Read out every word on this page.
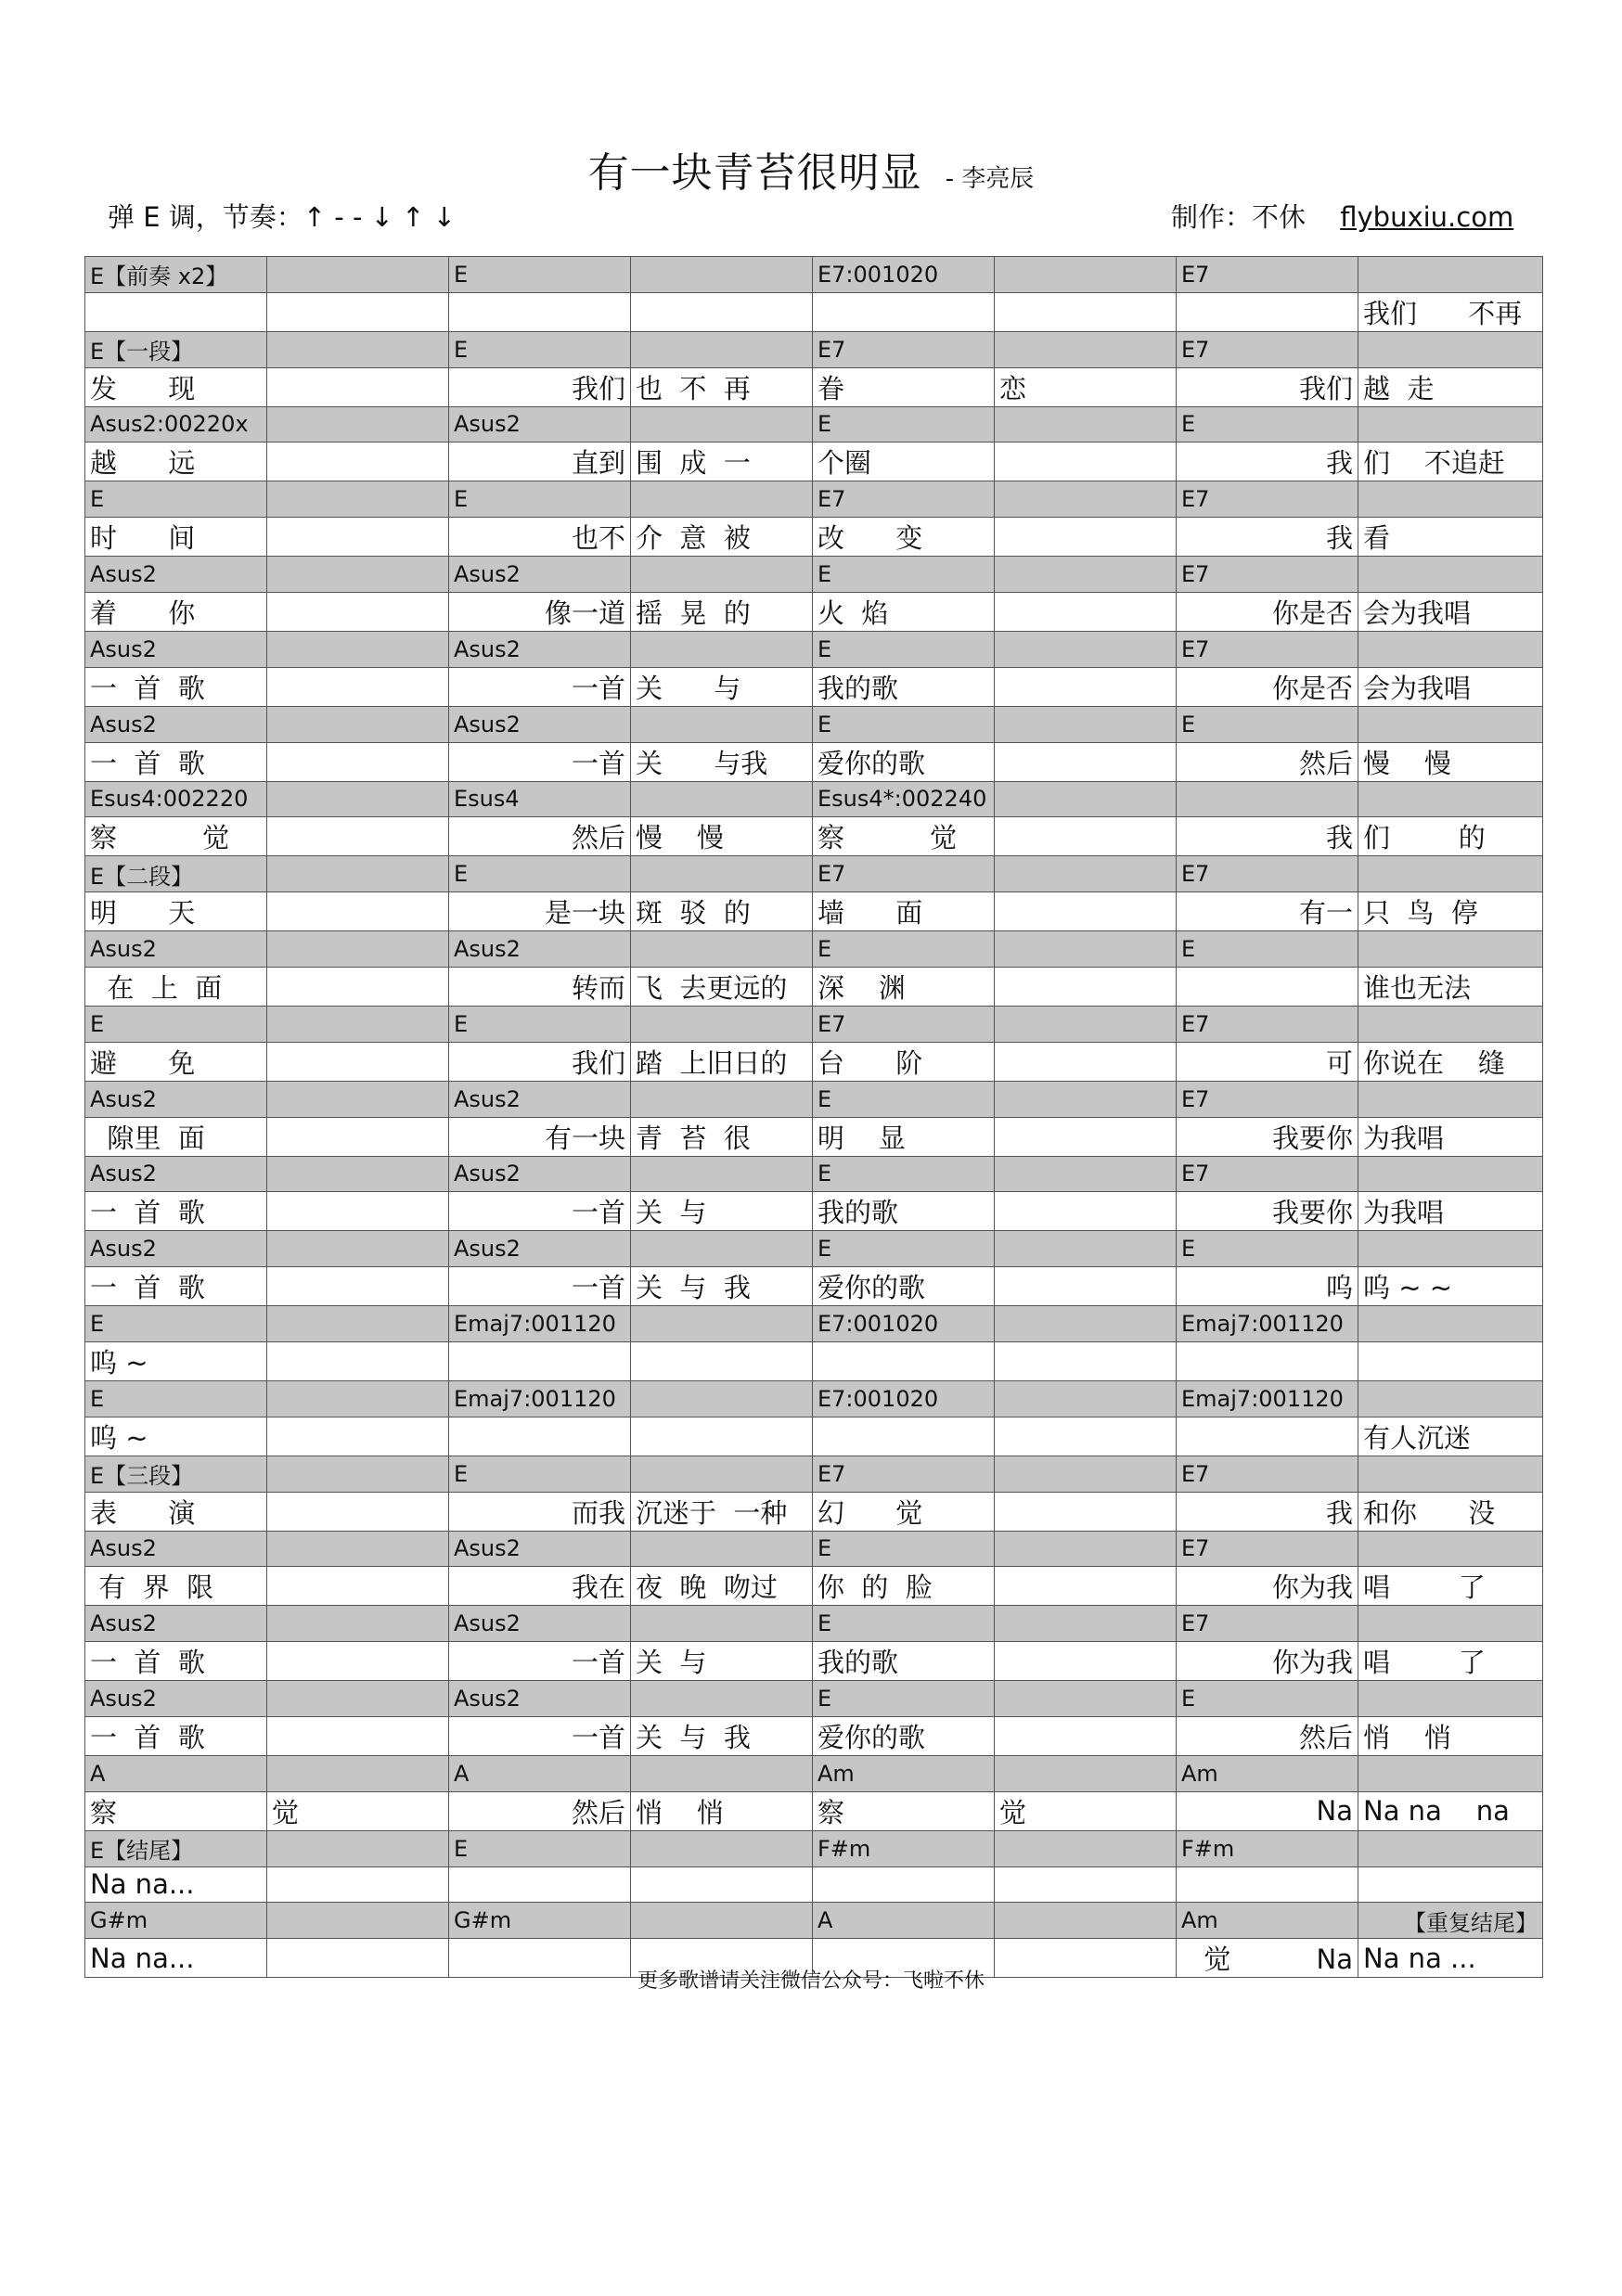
有一块青苔很明显 - 李亮辰
弹 E 调，节奏：↑ - - ↓ ↑ ↓	制作：不休 flybuxiu.com
E【前奏 x2】		E		E7:001020		E7	
							我们      不再
E【一段】		E		E7		E7	
发      现		我们	也  不  再	眷	恋	我们	越  走
Asus2:00220x		Asus2		E		E	
越      远		直到	围  成  一	个圈		我	们    不追赶
E		E		E7		E7	
时      间		也不	介  意  被	改      变		我	看
Asus2		Asus2		E		E7	
着      你		像一道	摇  晃  的	火  焰		你是否	会为我唱
Asus2		Asus2		E		E7	
一  首  歌		一首	关      与	我的歌		你是否	会为我唱
Asus2		Asus2		E		E	
一  首  歌		一首	关      与我	爱你的歌		然后	慢    慢
Esus4:002220		Esus4		Esus4*:002240			
察          觉		然后	慢    慢	察          觉		我	们        的
E【二段】		E		E7		E7	
明      天		是一块	斑  驳  的	墙      面		有一	只  鸟  停
Asus2		Asus2		E		E	
在  上  面		转而	飞  去更远的	深    渊			谁也无法
E		E		E7		E7	
避      免		我们	踏  上旧日的	台      阶		可	你说在    缝
Asus2		Asus2		E		E7	
隙里  面		有一块	青  苔  很	明    显		我要你	为我唱
Asus2		Asus2		E		E7	
一  首  歌		一首	关  与	我的歌		我要你	为我唱
Asus2		Asus2		E		E	
一  首  歌		一首	关  与  我	爱你的歌		呜	呜 ~ ~
E		Emaj7:001120		E7:001020		Emaj7:001120	
呜 ~							
E		Emaj7:001120		E7:001020		Emaj7:001120	
呜 ~							有人沉迷
E【三段】		E		E7		E7	
表      演		而我	沉迷于  一种	幻      觉		我	和你      没
Asus2		Asus2		E		E7	
有  界  限		我在	夜  晚  吻过	你  的  脸		你为我	唱        了
Asus2		Asus2		E		E7	
一  首  歌		一首	关  与	我的歌		你为我	唱        了
Asus2		Asus2		E		E	
一  首  歌		一首	关  与  我	爱你的歌		然后	悄    悄
A		A		Am		Am	
察	觉	然后	悄    悄	察	觉	Na	Na na    na
E【结尾】		E		F#m		F#m	
Na na...							
G#m		G#m		A		Am	【重复结尾】
Na na...						觉          Na	Na na ...
更多歌谱请关注微信公众号：飞啦不休
